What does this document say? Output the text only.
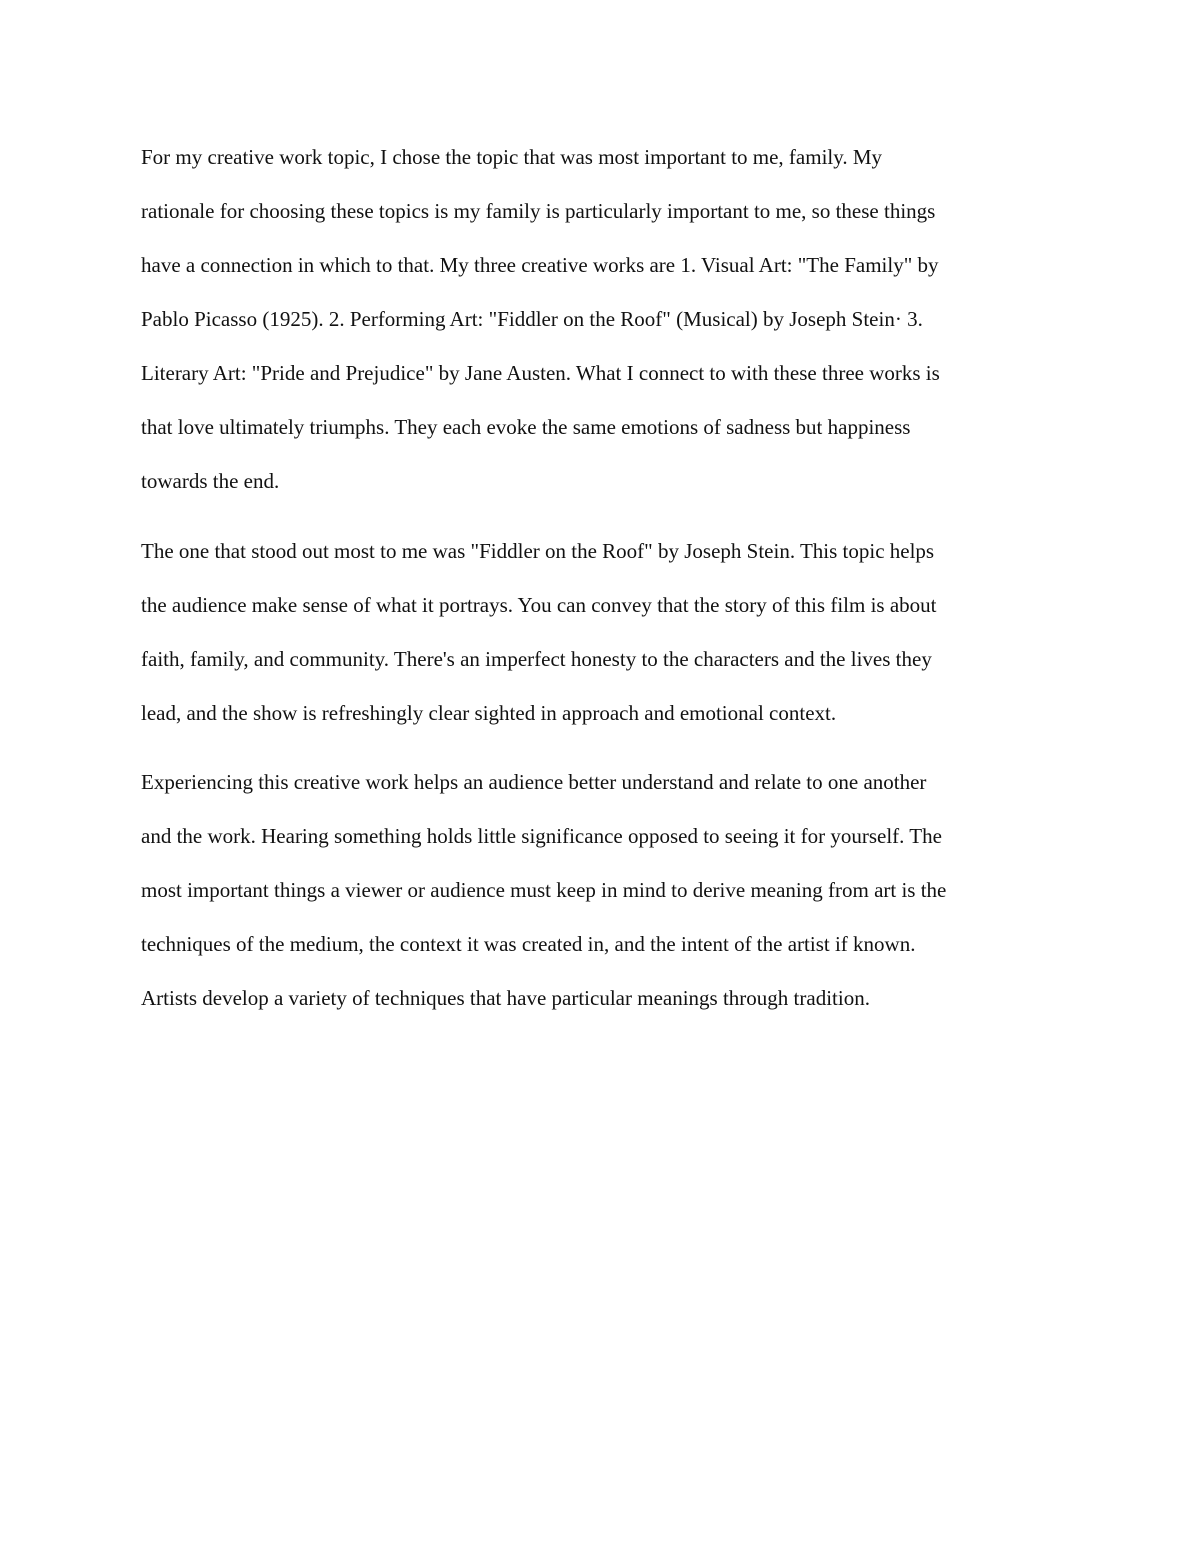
For my creative work topic, I chose the topic that was most important to me, family. My

rationale for choosing these topics is my family is particularly important to me, so these things

have a connection in which to that. My three creative works are 1. Visual Art: "The Family" by

Pablo Picasso (1925). 2. Performing Art: "Fiddler on the Roof" (Musical) by Joseph Stein· 3.

Literary Art: "Pride and Prejudice" by Jane Austen. What I connect to with these three works is

that love ultimately triumphs. They each evoke the same emotions of sadness but happiness

towards the end.

The one that stood out most to me was "Fiddler on the Roof" by Joseph Stein. This topic helps

the audience make sense of what it portrays. You can convey that the story of this film is about

faith, family, and community. There's an imperfect honesty to the characters and the lives they

lead, and the show is refreshingly clear sighted in approach and emotional context.

Experiencing this creative work helps an audience better understand and relate to one another

and the work. Hearing something holds little significance opposed to seeing it for yourself. The

most important things a viewer or audience must keep in mind to derive meaning from art is the

techniques of the medium, the context it was created in, and the intent of the artist if known.

Artists develop a variety of techniques that have particular meanings through tradition.
